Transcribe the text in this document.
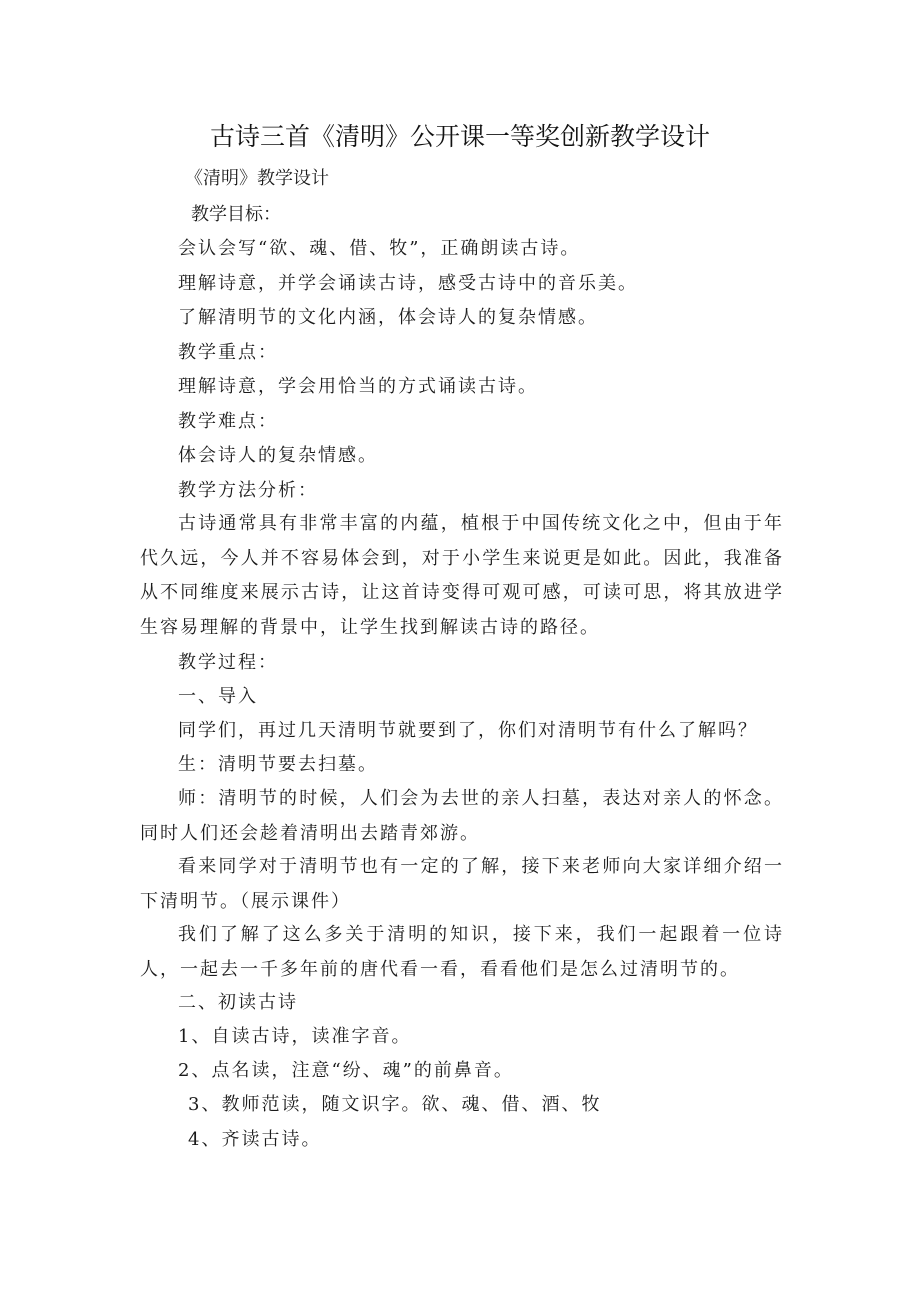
古诗三首《清明》公开课一等奖创新教学设计

《清明》教学设计

教学目标：

会认会写“欲、魂、借、牧”，正确朗读古诗。

理解诗意，并学会诵读古诗，感受古诗中的音乐美。

了解清明节的文化内涵，体会诗人的复杂情感。

教学重点：

理解诗意，学会用恰当的方式诵读古诗。

教学难点：

体会诗人的复杂情感。

教学方法分析：

古诗通常具有非常丰富的内蕴，植根于中国传统文化之中，但由于年代久远，今人并不容易体会到，对于小学生来说更是如此。因此，我准备从不同维度来展示古诗，让这首诗变得可观可感，可读可思，将其放进学生容易理解的背景中，让学生找到解读古诗的路径。

教学过程：

一、导入

同学们，再过几天清明节就要到了，你们对清明节有什么了解吗？

生：清明节要去扫墓。

师：清明节的时候，人们会为去世的亲人扫墓，表达对亲人的怀念。同时人们还会趁着清明出去踏青郊游。

看来同学对于清明节也有一定的了解，接下来老师向大家详细介绍一下清明节。（展示课件）

我们了解了这么多关于清明的知识，接下来，我们一起跟着一位诗人，一起去一千多年前的唐代看一看，看看他们是怎么过清明节的。

二、初读古诗

1、自读古诗，读准字音。

2、点名读，注意“纷、魂”的前鼻音。

3、教师范读，随文识字。欲、魂、借、酒、牧

4、齐读古诗。
